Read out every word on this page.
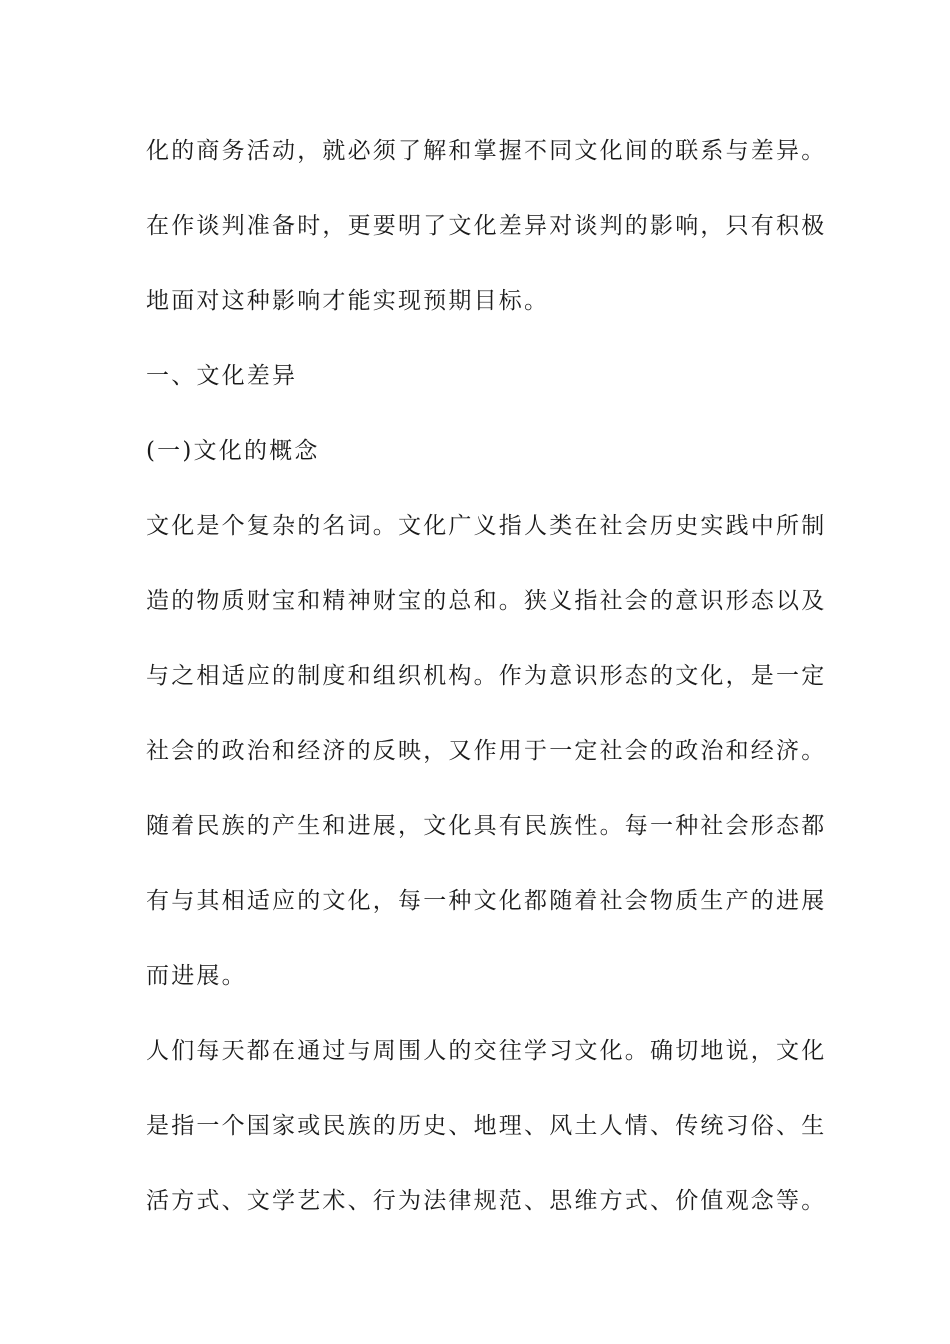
化的商务活动，就必须了解和掌握不同文化间的联系与差异。
在作谈判准备时，更要明了文化差异对谈判的影响，只有积极
地面对这种影响才能实现预期目标。
一、文化差异
(一)文化的概念
文化是个复杂的名词。文化广义指人类在社会历史实践中所制
造的物质财宝和精神财宝的总和。狭义指社会的意识形态以及
与之相适应的制度和组织机构。作为意识形态的文化，是一定
社会的政治和经济的反映，又作用于一定社会的政治和经济。
随着民族的产生和进展，文化具有民族性。每一种社会形态都
有与其相适应的文化，每一种文化都随着社会物质生产的进展
而进展。
人们每天都在通过与周围人的交往学习文化。确切地说，文化
是指一个国家或民族的历史、地理、风土人情、传统习俗、生
活方式、文学艺术、行为法律规范、思维方式、价值观念等。
